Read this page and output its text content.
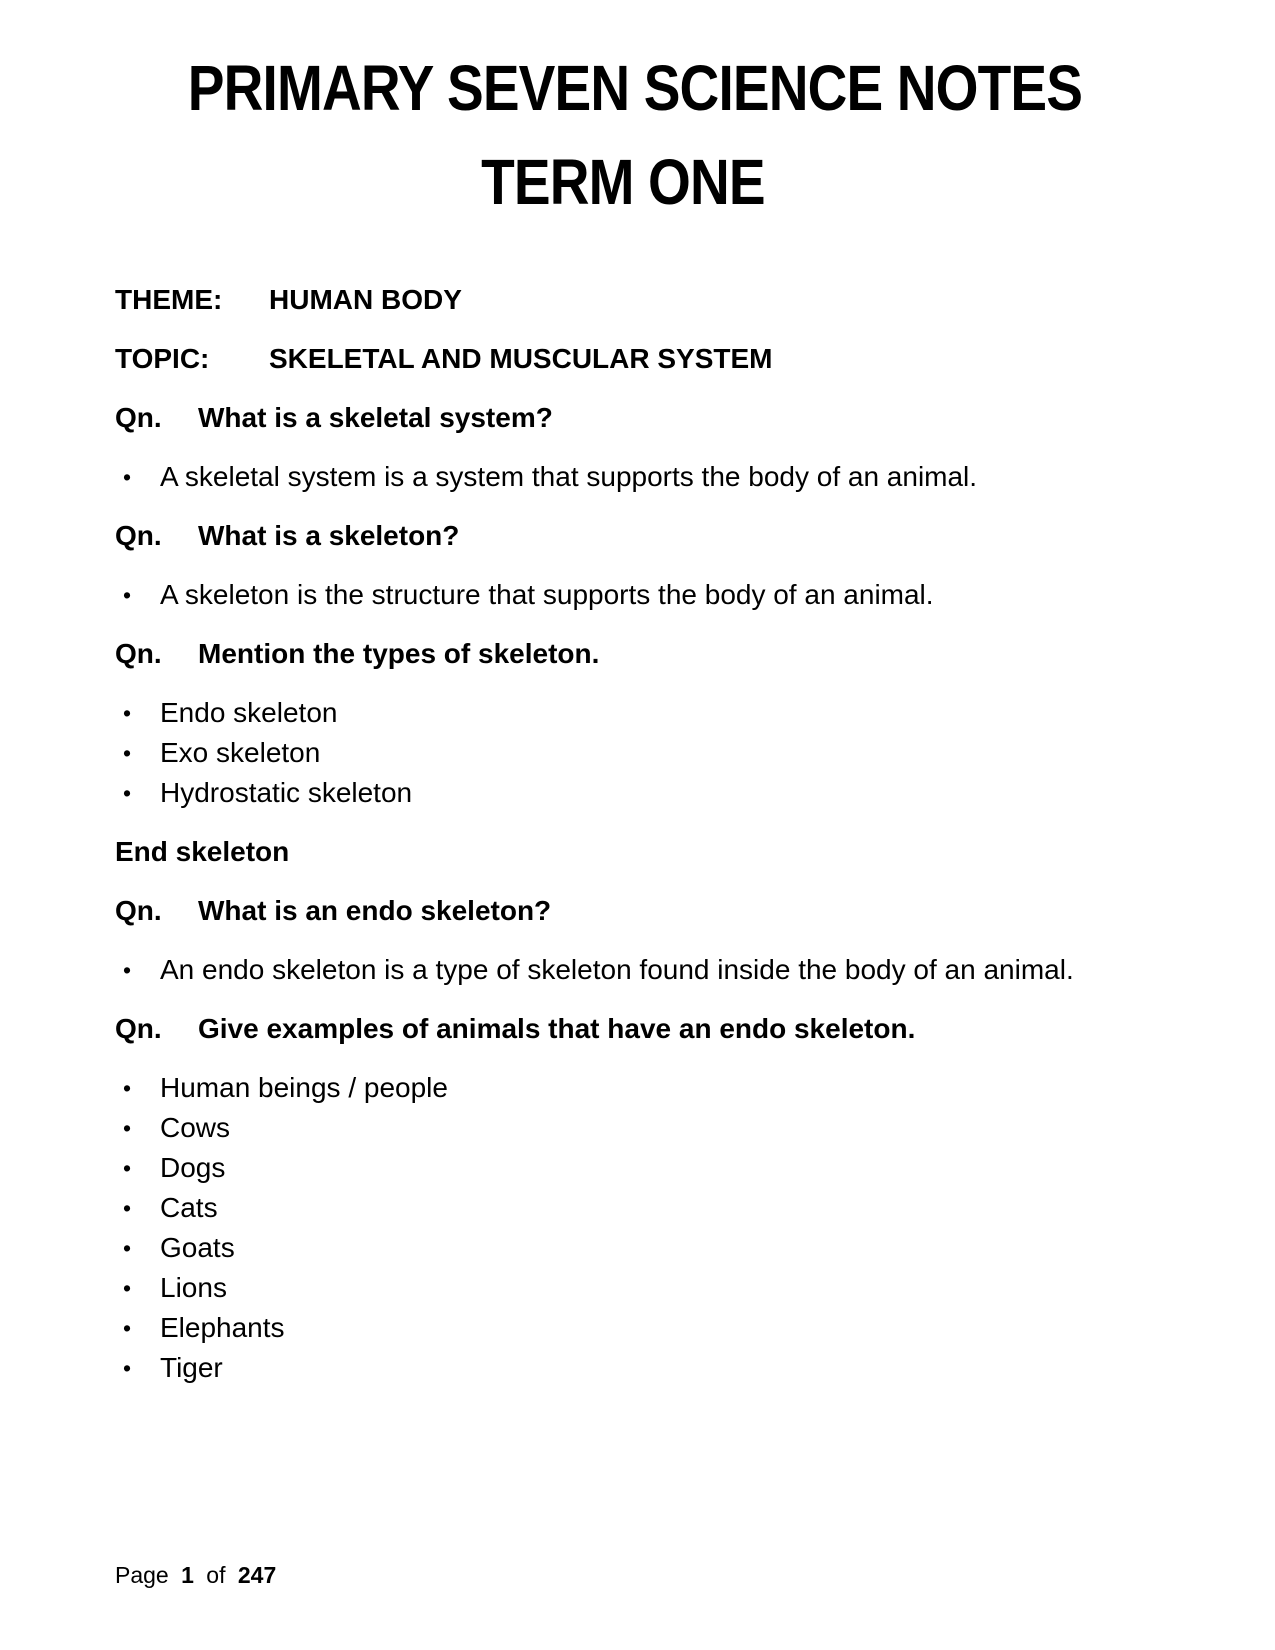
PRIMARY SEVEN SCIENCE NOTES
TERM ONE
THEME:	HUMAN BODY
TOPIC:	SKELETAL AND MUSCULAR SYSTEM
Qn.	What is a skeletal system?
• A skeletal system is a system that supports the body of an animal.
Qn.	What is a skeleton?
• A skeleton is the structure that supports the body of an animal.
Qn.	Mention the types of skeleton.
• Endo skeleton
• Exo skeleton
• Hydrostatic skeleton
End skeleton
Qn.	What is an endo skeleton?
• An endo skeleton is a type of skeleton found inside the body of an animal.
Qn.	Give examples of animals that have an endo skeleton.
• Human beings / people
• Cows
• Dogs
• Cats
• Goats
• Lions
• Elephants
• Tiger
Page 1 of 247
